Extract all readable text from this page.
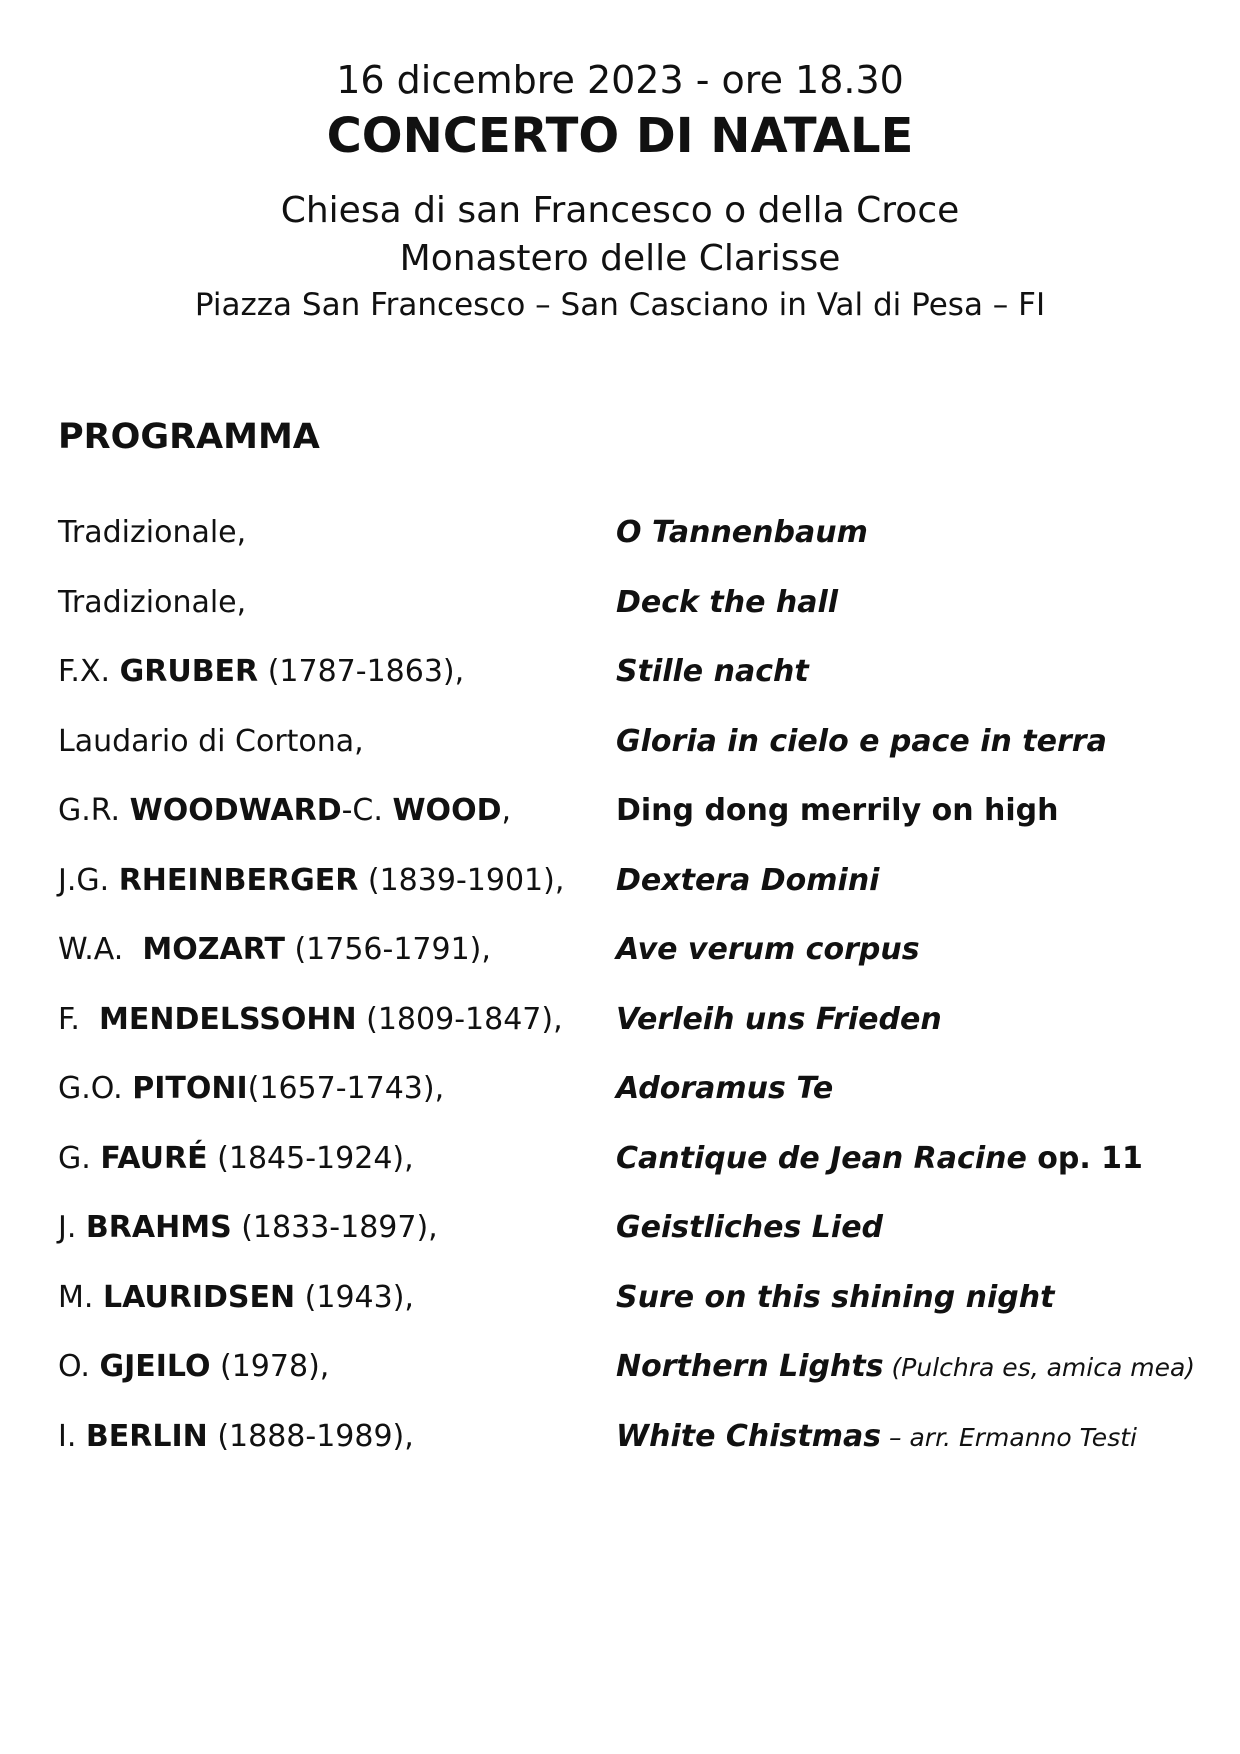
16 dicembre 2023 - ore 18.30
CONCERTO DI NATALE
Chiesa di san Francesco o della Croce
Monastero delle Clarisse
Piazza San Francesco – San Casciano in Val di Pesa – FI
PROGRAMMA
Tradizionale,	O Tannenbaum
Tradizionale,	Deck the hall
F.X. GRUBER (1787-1863),	Stille nacht
Laudario di Cortona,	Gloria in cielo e pace in terra
G.R. WOODWARD-C. WOOD,	Ding dong merrily on high
J.G. RHEINBERGER (1839-1901), Dextera Domini
W.A.  MOZART (1756-1791),	Ave verum corpus
F.  MENDELSSOHN (1809-1847), Verleih uns Frieden
G.O. PITONI(1657-1743),	Adoramus Te
G. FAURÉ (1845-1924),	Cantique de Jean Racine op. 11
J. BRAHMS (1833-1897),	Geistliches Lied
M. LAURIDSEN (1943),	Sure on this shining night
O. GJEILO (1978),	Northern Lights (Pulchra es, amica mea)
I. BERLIN (1888-1989),	White Chistmas – arr. Ermanno Testi
